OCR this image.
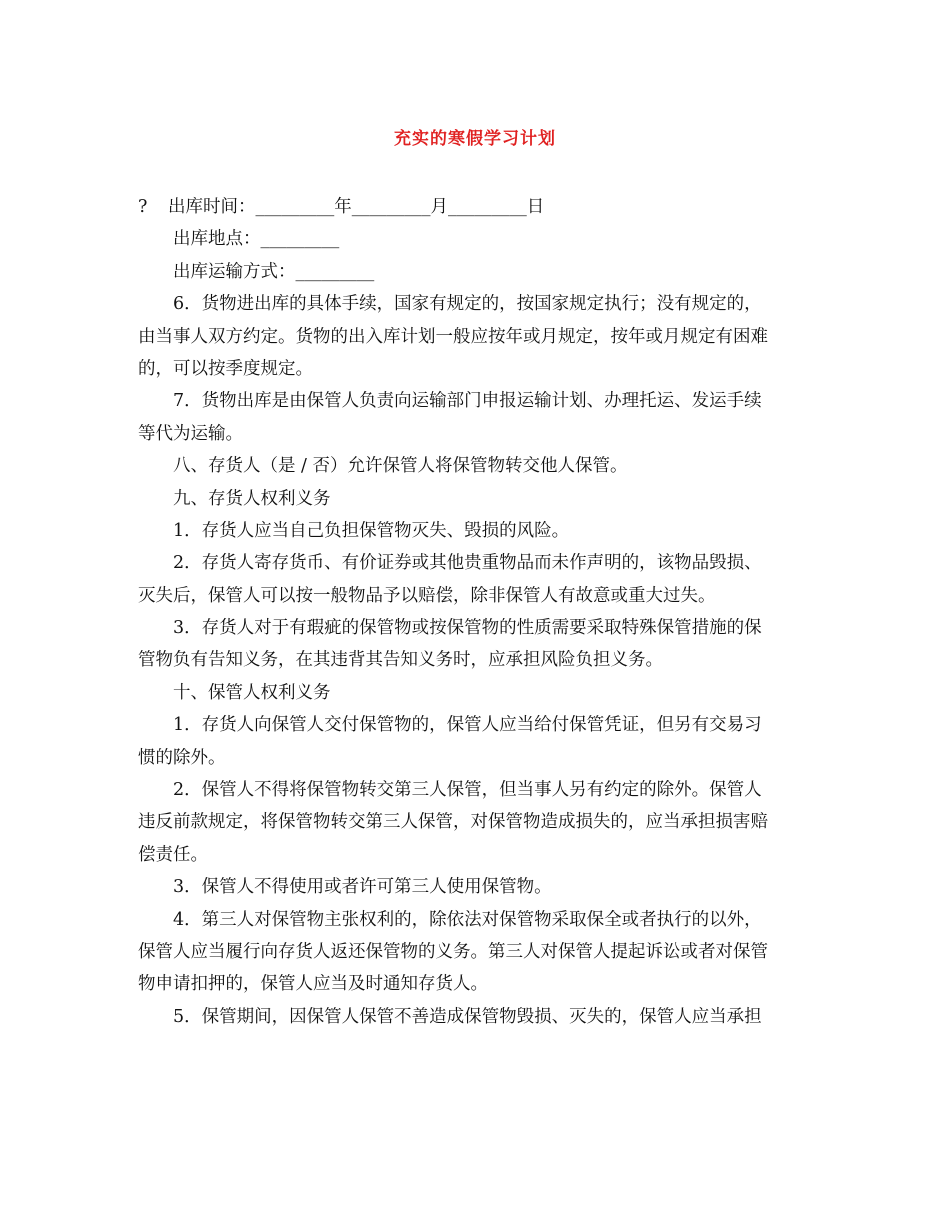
充实的寒假学习计划
? 出库时间：_________年_________月_________日
出库地点：_________
出库运输方式：_________
6．货物进出库的具体手续，国家有规定的，按国家规定执行；没有规定的，
由当事人双方约定。货物的出入库计划一般应按年或月规定，按年或月规定有困难
的，可以按季度规定。
7．货物出库是由保管人负责向运输部门申报运输计划、办理托运、发运手续
等代为运输。
八、存货人（是 / 否）允许保管人将保管物转交他人保管。
九、存货人权利义务
1．存货人应当自己负担保管物灭失、毁损的风险。
2．存货人寄存货币、有价证券或其他贵重物品而未作声明的，该物品毁损、
灭失后，保管人可以按一般物品予以赔偿，除非保管人有故意或重大过失。
3．存货人对于有瑕疵的保管物或按保管物的性质需要采取特殊保管措施的保
管物负有告知义务，在其违背其告知义务时，应承担风险负担义务。
十、保管人权利义务
1．存货人向保管人交付保管物的，保管人应当给付保管凭证，但另有交易习
惯的除外。
2．保管人不得将保管物转交第三人保管，但当事人另有约定的除外。保管人
违反前款规定，将保管物转交第三人保管，对保管物造成损失的，应当承担损害赔
偿责任。
3．保管人不得使用或者许可第三人使用保管物。
4．第三人对保管物主张权利的，除依法对保管物采取保全或者执行的以外，
保管人应当履行向存货人返还保管物的义务。第三人对保管人提起诉讼或者对保管
物申请扣押的，保管人应当及时通知存货人。
5．保管期间，因保管人保管不善造成保管物毁损、灭失的，保管人应当承担
